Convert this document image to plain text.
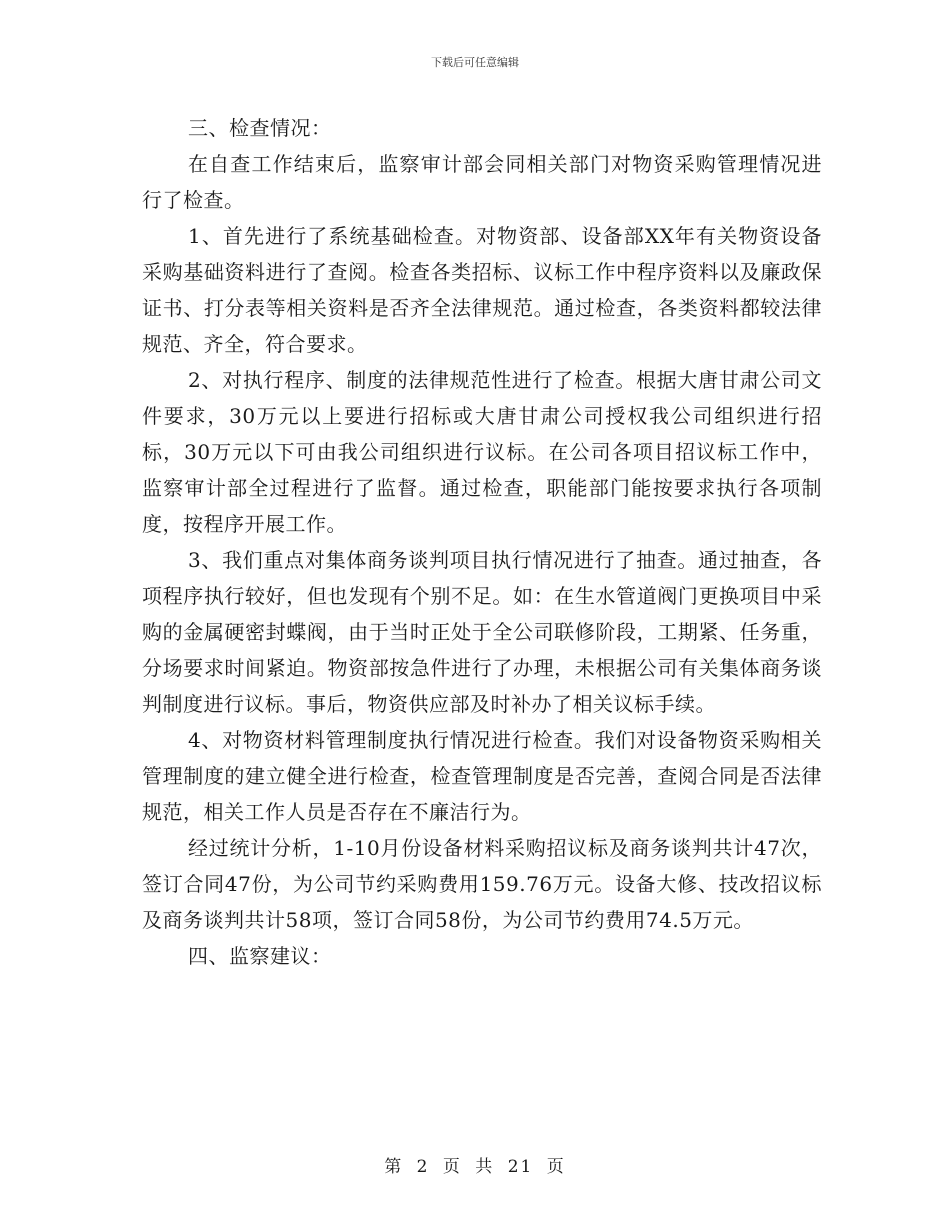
下载后可任意编辑

三、检查情况：

在自查工作结束后，监察审计部会同相关部门对物资采购管理情况进行了检查。

1、首先进行了系统基础检查。对物资部、设备部XX年有关物资设备采购基础资料进行了查阅。检查各类招标、议标工作中程序资料以及廉政保证书、打分表等相关资料是否齐全法律规范。通过检查，各类资料都较法律规范、齐全，符合要求。

2、对执行程序、制度的法律规范性进行了检查。根据大唐甘肃公司文件要求，30万元以上要进行招标或大唐甘肃公司授权我公司组织进行招标，30万元以下可由我公司组织进行议标。在公司各项目招议标工作中，监察审计部全过程进行了监督。通过检查，职能部门能按要求执行各项制度，按程序开展工作。

3、我们重点对集体商务谈判项目执行情况进行了抽查。通过抽查，各项程序执行较好，但也发现有个别不足。如：在生水管道阀门更换项目中采购的金属硬密封蝶阀，由于当时正处于全公司联修阶段，工期紧、任务重，分场要求时间紧迫。物资部按急件进行了办理，未根据公司有关集体商务谈判制度进行议标。事后，物资供应部及时补办了相关议标手续。

4、对物资材料管理制度执行情况进行检查。我们对设备物资采购相关管理制度的建立健全进行检查，检查管理制度是否完善，查阅合同是否法律规范，相关工作人员是否存在不廉洁行为。

经过统计分析，1-10月份设备材料采购招议标及商务谈判共计47次，签订合同47份，为公司节约采购费用159.76万元。设备大修、技改招议标及商务谈判共计58项，签订合同58份，为公司节约费用74.5万元。

四、监察建议：

第 2 页 共 21 页
